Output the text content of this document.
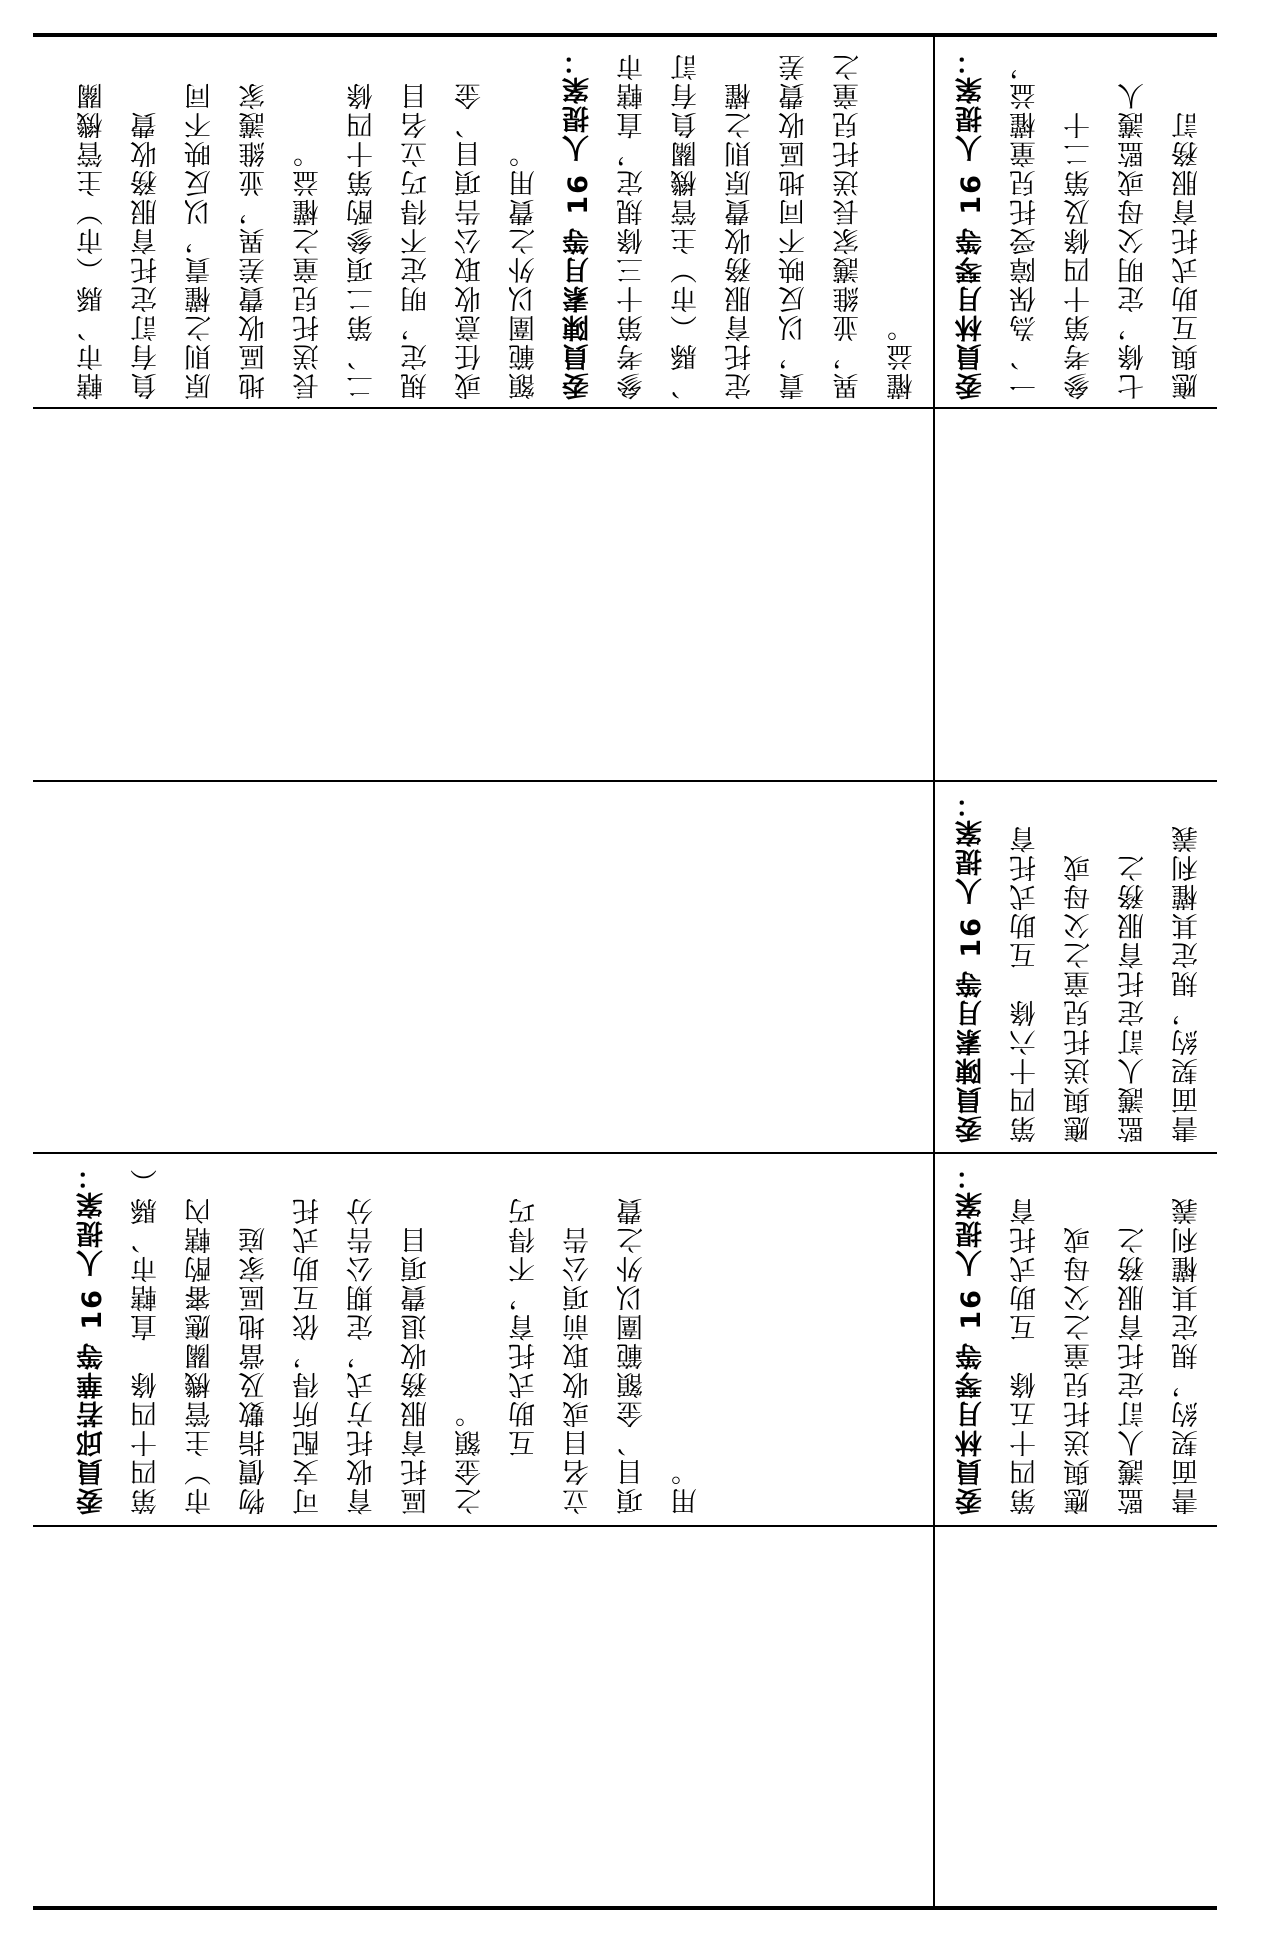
轄市、縣（市）主管機關 負有訂定托育服務收費 原則之權責，以反映不同 地區收費差異，並維護家 長送托兒童之權益。 二、第二項參酌第十四條 規定，明定不得巧立名目 或任意收取公告項目、金 額範圍以外之費用。 委員陳素月等 16 人提案： 參考第十三條規定，直轄市 、縣（市）主管機關負有訂 定托育服務收費原則之權 責，以反映不同地區收費差 異，並維護家長送托兒童之 權益。
委員邱若華等 16 人提案： 第四十四條　直轄市、縣（ 市）主管機關應審酌轄內 物價指數及當地區家庭 可支配所得，依互助式托 育收托方式，定期公告分 區托育服務收退費項目 之金額。 　　互助式托育，不得巧 立名目或收取前項公告 項目、金額範圍以外之費 用。
委員林月琴等 16 人提案： 一、為保障受托兒童權益， 參考第十四條及第二十 七條，定明父母或監護人 應與互助式托育服務訂
委員陳素月等 16 人提案： 第四十六條　互助式托育 應與送托兒童之父母或 監護人訂定托育服務之 書面契約，規定其權利義
委員林月琴等 16 人提案： 第四十五條　互助式托育 應與送托兒童之父母或 監護人訂定托育服務之 書面契約，規定其權利義
